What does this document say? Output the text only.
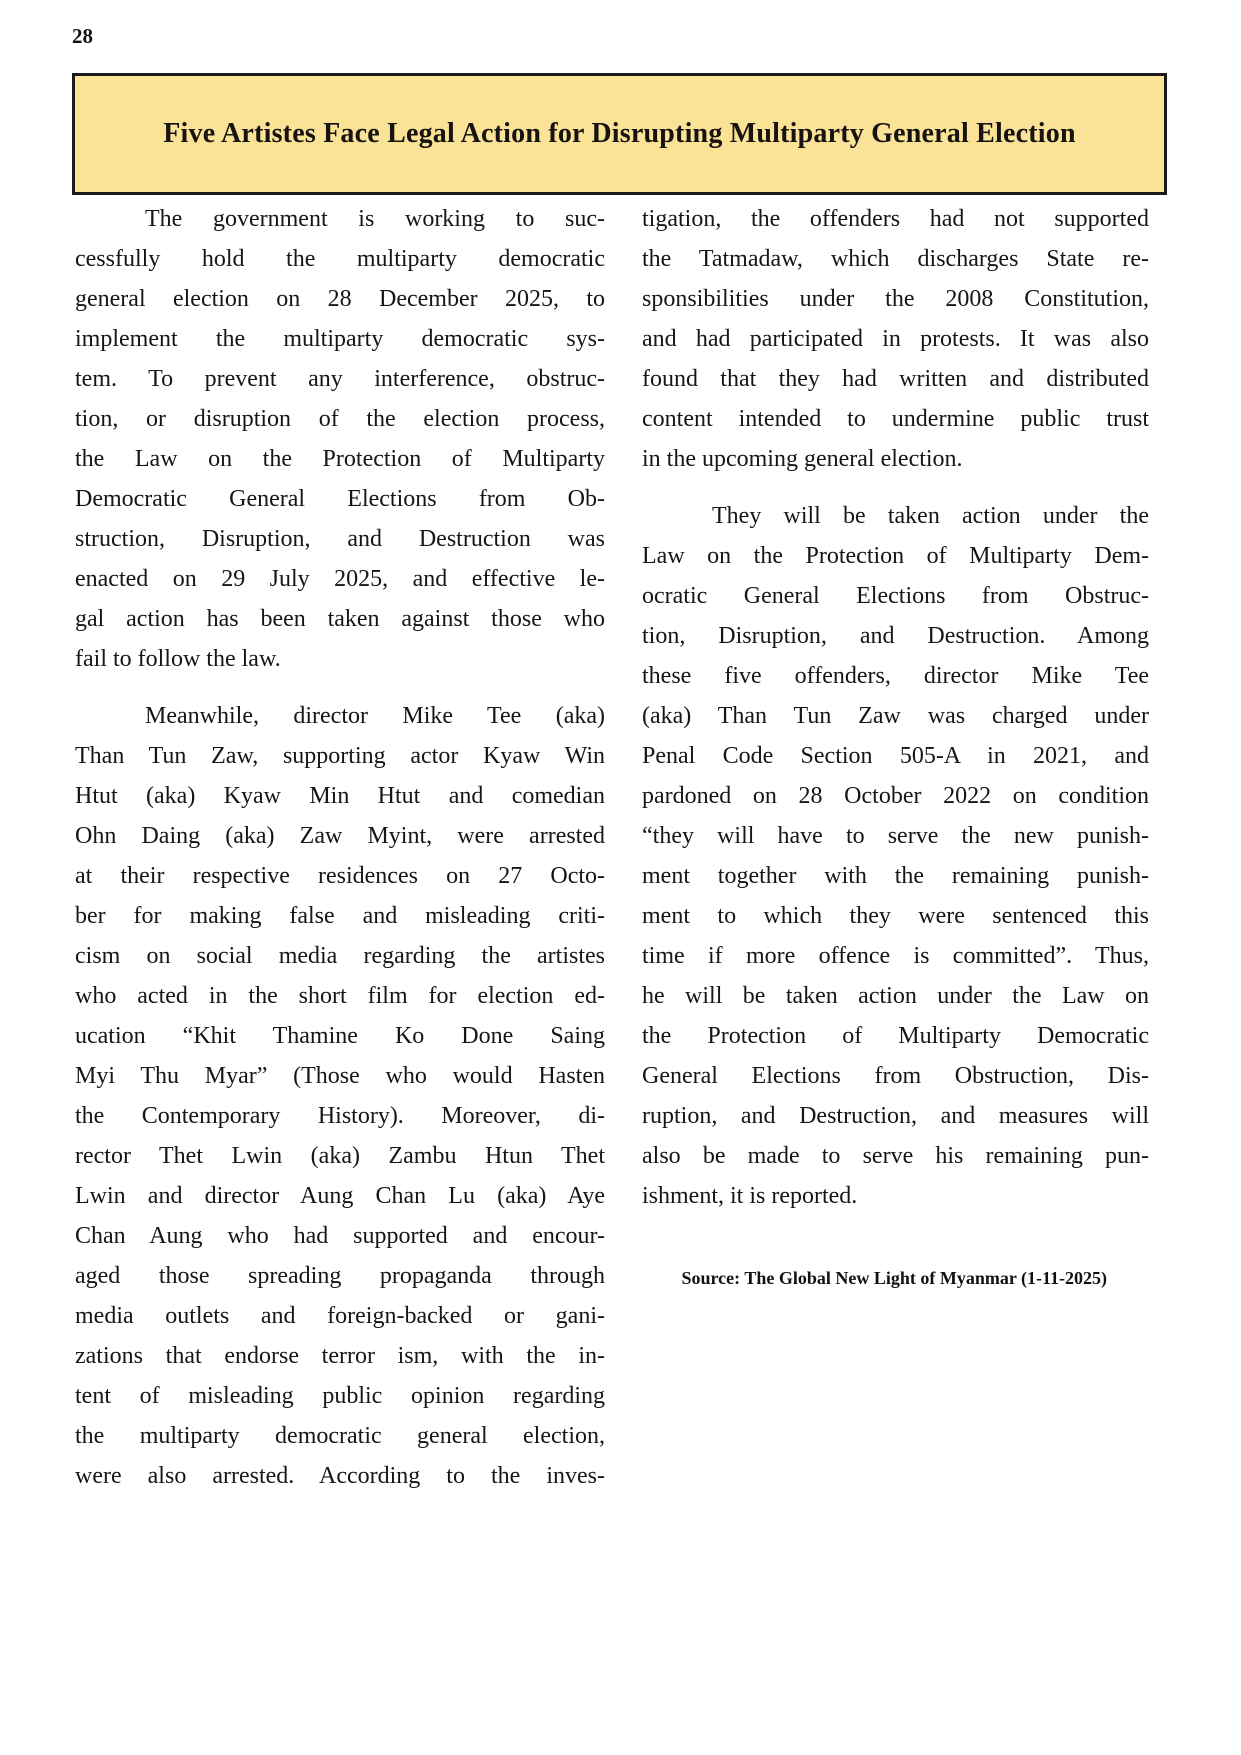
28
Five Artistes Face Legal Action for Disrupting Multiparty General Election
The government is working to suc-
cessfully hold the multiparty democratic
general election on 28 December 2025, to
implement the multiparty democratic sys-
tem. To prevent any interference, obstruc-
tion, or disruption of the election process,
the Law on the Protection of Multiparty
Democratic General Elections from Ob-
struction, Disruption, and Destruction was
enacted on 29 July 2025, and effective le-
gal action has been taken against those who
fail to follow the law.
Meanwhile, director Mike Tee (aka)
Than Tun Zaw, supporting actor Kyaw Win
Htut (aka) Kyaw Min Htut and comedian
Ohn Daing (aka) Zaw Myint, were arrested
at their respective residences on 27 Octo-
ber for making false and misleading criti-
cism on social media regarding the artistes
who acted in the short film for election ed-
ucation “Khit Thamine Ko Done Saing
Myi Thu Myar” (Those who would Hasten
the Contemporary History). Moreover, di-
rector Thet Lwin (aka) Zambu Htun Thet
Lwin and director Aung Chan Lu (aka) Aye
Chan Aung who had supported and encour-
aged those spreading propaganda through
media outlets and foreign-backed or gani-
zations that endorse terror ism, with the in-
tent of misleading public opinion regarding
the multiparty democratic general election,
were also arrested. According to the inves-
tigation, the offenders had not supported
the Tatmadaw, which discharges State re-
sponsibilities under the 2008 Constitution,
and had participated in protests. It was also
found that they had written and distributed
content intended to undermine public trust
in the upcoming general election.
They will be taken action under the
Law on the Protection of Multiparty Dem-
ocratic General Elections from Obstruc-
tion, Disruption, and Destruction. Among
these five offenders, director Mike Tee
(aka) Than Tun Zaw was charged under
Penal Code Section 505-A in 2021, and
pardoned on 28 October 2022 on condition
“they will have to serve the new punish-
ment together with the remaining punish-
ment to which they were sentenced this
time if more offence is committed”. Thus,
he will be taken action under the Law on
the Protection of Multiparty Democratic
General Elections from Obstruction, Dis-
ruption, and Destruction, and measures will
also be made to serve his remaining pun-
ishment, it is reported.
Source: The Global New Light of Myanmar (1-11-2025)
